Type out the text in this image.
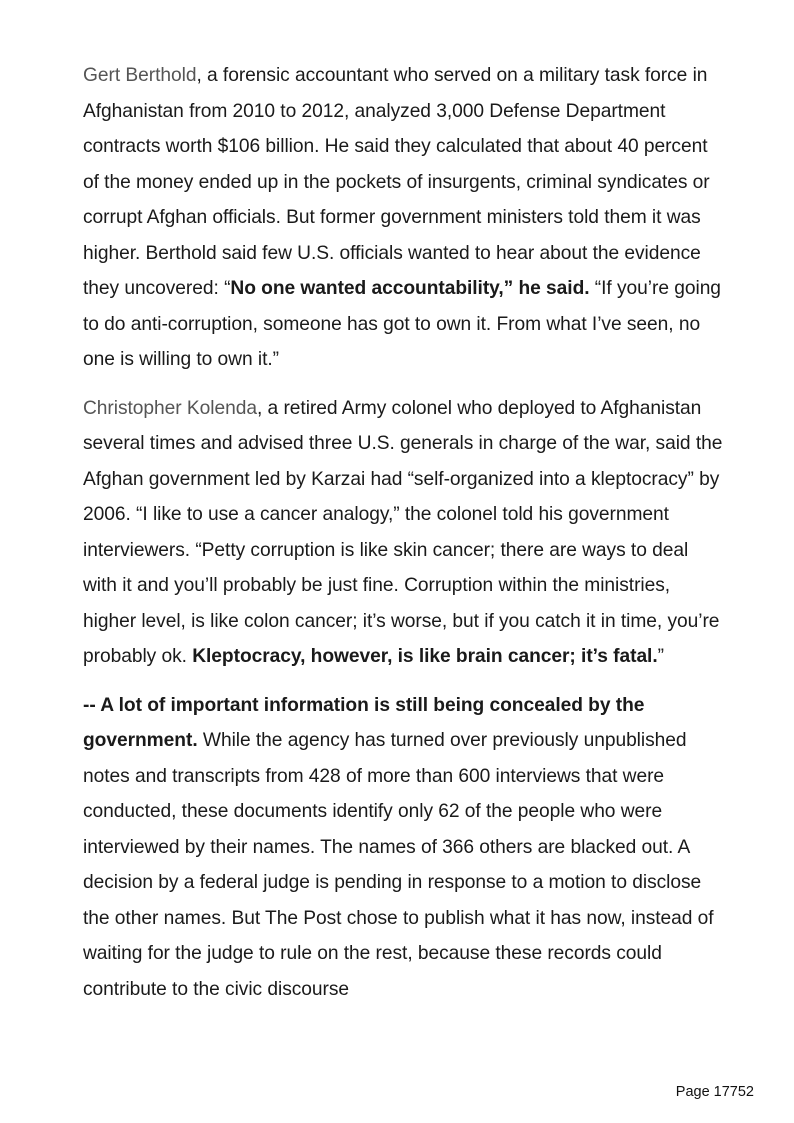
Gert Berthold, a forensic accountant who served on a military task force in Afghanistan from 2010 to 2012, analyzed 3,000 Defense Department contracts worth $106 billion. He said they calculated that about 40 percent of the money ended up in the pockets of insurgents, criminal syndicates or corrupt Afghan officials. But former government ministers told them it was higher. Berthold said few U.S. officials wanted to hear about the evidence they uncovered: “No one wanted accountability,” he said. “If you’re going to do anti-corruption, someone has got to own it. From what I’ve seen, no one is willing to own it.”

Christopher Kolenda, a retired Army colonel who deployed to Afghanistan several times and advised three U.S. generals in charge of the war, said the Afghan government led by Karzai had “self-organized into a kleptocracy” by 2006. “I like to use a cancer analogy,” the colonel told his government interviewers. “Petty corruption is like skin cancer; there are ways to deal with it and you’ll probably be just fine. Corruption within the ministries, higher level, is like colon cancer; it’s worse, but if you catch it in time, you’re probably ok. Kleptocracy, however, is like brain cancer; it’s fatal.”

-- A lot of important information is still being concealed by the government. While the agency has turned over previously unpublished notes and transcripts from 428 of more than 600 interviews that were conducted, these documents identify only 62 of the people who were interviewed by their names. The names of 366 others are blacked out. A decision by a federal judge is pending in response to a motion to disclose the other names. But The Post chose to publish what it has now, instead of waiting for the judge to rule on the rest, because these records could contribute to the civic discourse

Page 17752
